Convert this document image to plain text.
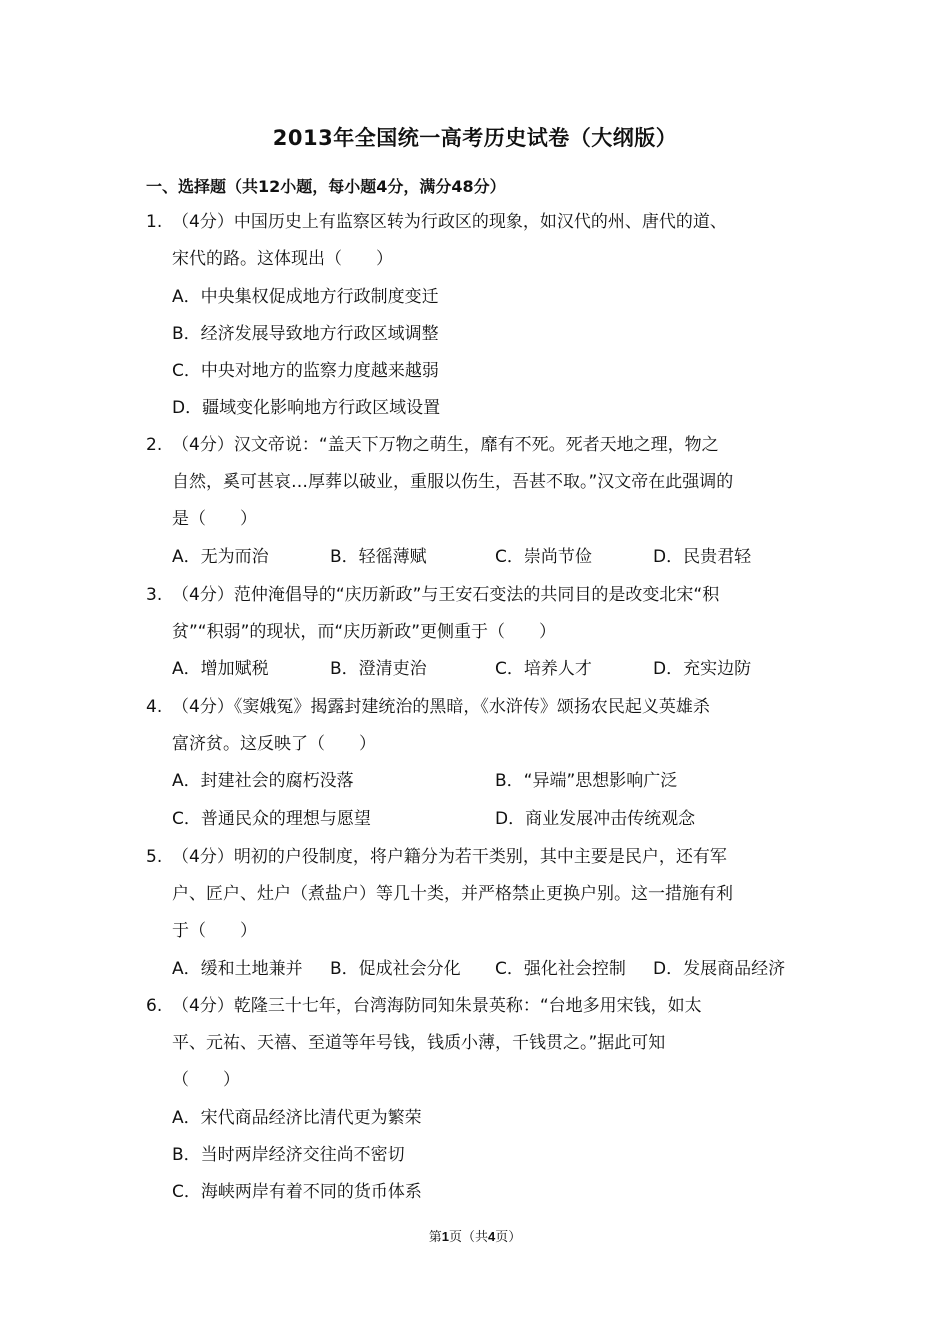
2013年全国统一高考历史试卷（大纲版）
一、选择题（共12小题，每小题4分，满分48分）
1. （4分）中国历史上有监察区转为行政区的现象，如汉代的州、唐代的道、
宋代的路。这体现出（　　）
A．中央集权促成地方行政制度变迁
B．经济发展导致地方行政区域调整
C．中央对地方的监察力度越来越弱
D．疆域变化影响地方行政区域设置
2. （4分）汉文帝说：“盖天下万物之萌生，靡有不死。死者天地之理，物之
自然，奚可甚哀…厚葬以破业，重服以伤生，吾甚不取。”汉文帝在此强调的
是（　　）
A．无为而治	B．轻徭薄赋	C．崇尚节俭	D．民贵君轻
3. （4分）范仲淹倡导的“庆历新政”与王安石变法的共同目的是改变北宋“积
贫”“积弱”的现状，而“庆历新政”更侧重于（　　）
A．增加赋税	B．澄清吏治	C．培养人才	D．充实边防
4. （4分）《窦娥冤》揭露封建统治的黑暗，《水浒传》颂扬农民起义英雄杀
富济贫。这反映了（　　）
A．封建社会的腐朽没落	B．“异端”思想影响广泛
C．普通民众的理想与愿望	D．商业发展冲击传统观念
5. （4分）明初的户役制度，将户籍分为若干类别，其中主要是民户，还有军
户、匠户、灶户（煮盐户）等几十类，并严格禁止更换户别。这一措施有利
于（　　）
A．缓和土地兼并 B．促成社会分化 C．强化社会控制 D．发展商品经济
6. （4分）乾隆三十七年，台湾海防同知朱景英称：“台地多用宋钱，如太
平、元祐、天禧、至道等年号钱，钱质小薄，千钱贯之。”据此可知
（　　）
A．宋代商品经济比清代更为繁荣
B．当时两岸经济交往尚不密切
C．海峡两岸有着不同的货币体系
第1页（共4页）
